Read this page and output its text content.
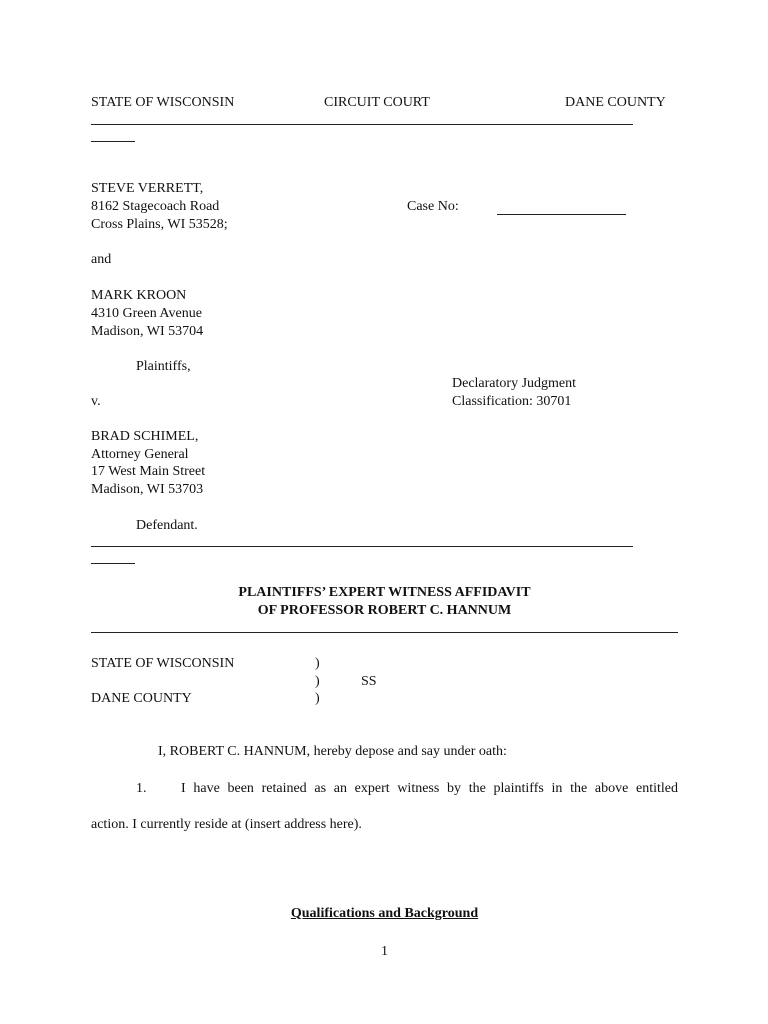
STATE OF WISCONSIN	CIRCUIT COURT	DANE COUNTY
STEVE VERRETT,
8162 Stagecoach Road
Cross Plains, WI 53528;
Case No:
and
MARK KROON
4310 Green Avenue
Madison, WI 53704
Plaintiffs,
Declaratory Judgment
Classification: 30701
v.
BRAD SCHIMEL,
Attorney General
17 West Main Street
Madison, WI 53703
Defendant.
PLAINTIFFS’ EXPERT WITNESS AFFIDAVIT
OF PROFESSOR ROBERT C. HANNUM
STATE OF WISCONSIN	)
)	SS
DANE COUNTY	)
I, ROBERT C. HANNUM, hereby depose and say under oath:
1. I have been retained as an expert witness by the plaintiffs in the above entitled
action. I currently reside at (insert address here).
Qualifications and Background
1
